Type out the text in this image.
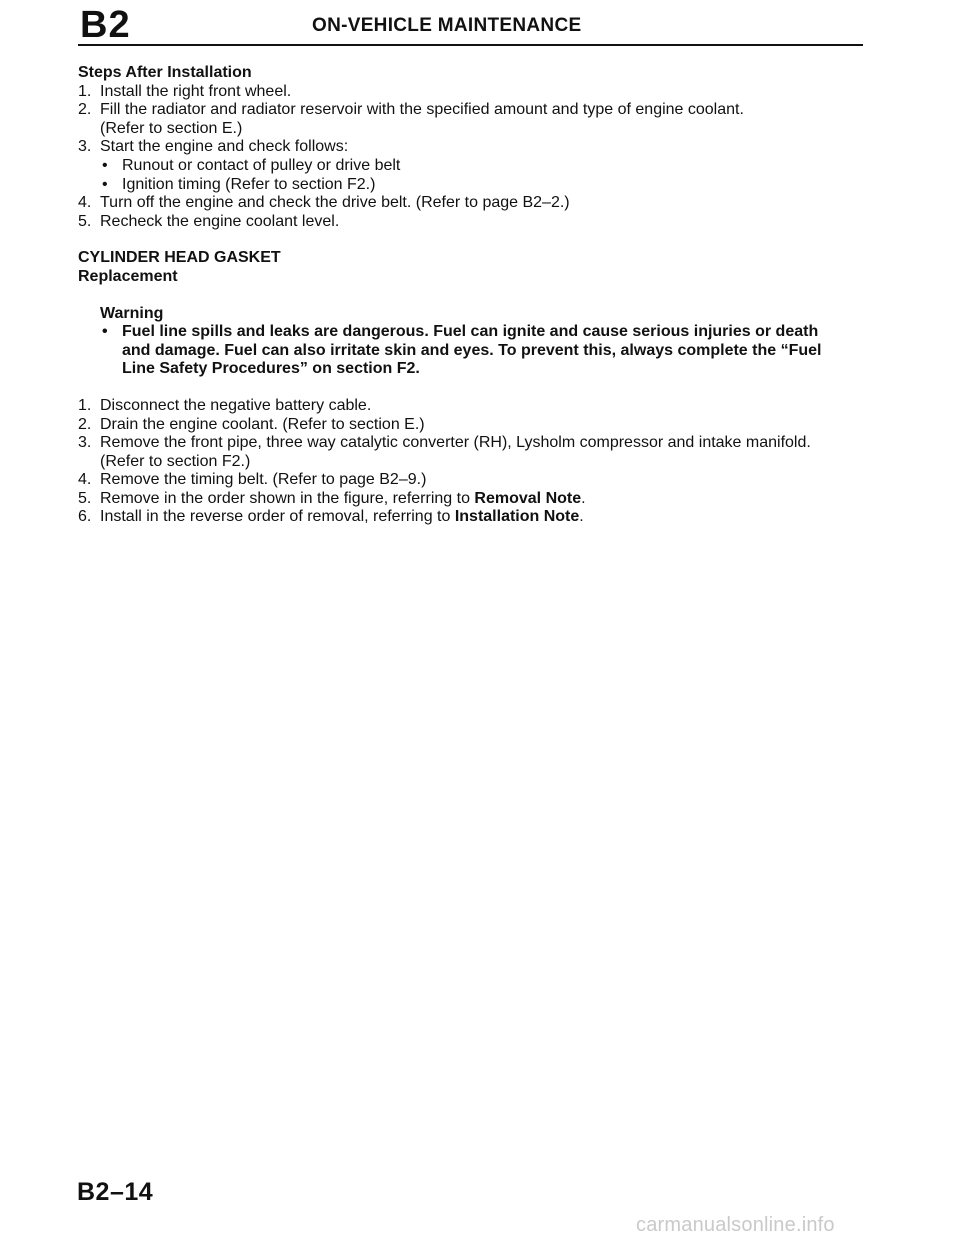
B2	ON-VEHICLE MAINTENANCE
Steps After Installation
1. Install the right front wheel.
2. Fill the radiator and radiator reservoir with the specified amount and type of engine coolant.
(Refer to section E.)
3. Start the engine and check follows:
• Runout or contact of pulley or drive belt
• Ignition timing (Refer to section F2.)
4. Turn off the engine and check the drive belt. (Refer to page B2–2.)
5. Recheck the engine coolant level.
CYLINDER HEAD GASKET
Replacement
Warning
• Fuel line spills and leaks are dangerous. Fuel can ignite and cause serious injuries or death
and damage. Fuel can also irritate skin and eyes. To prevent this, always complete the “Fuel
Line Safety Procedures” on section F2.
1. Disconnect the negative battery cable.
2. Drain the engine coolant. (Refer to section E.)
3. Remove the front pipe, three way catalytic converter (RH), Lysholm compressor and intake manifold.
(Refer to section F2.)
4. Remove the timing belt. (Refer to page B2–9.)
5. Remove in the order shown in the figure, referring to Removal Note.
6. Install in the reverse order of removal, referring to Installation Note.
B2–14
carmanualsonline.info
